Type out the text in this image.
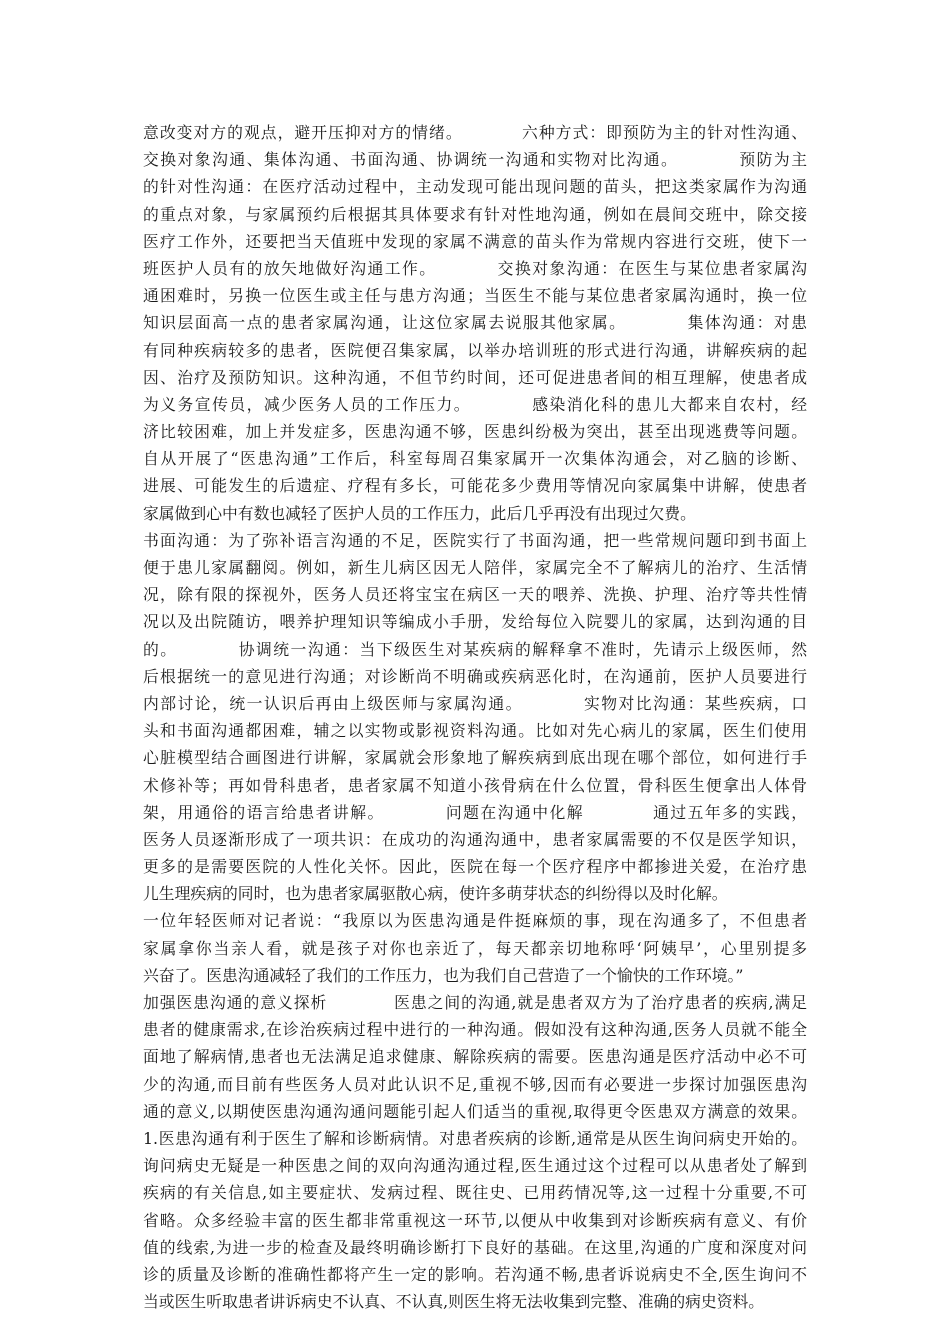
意改变对方的观点，避开压抑对方的情绪。　　　　六种方式：即预防为主的针对性沟通、
交换对象沟通、集体沟通、书面沟通、协调统一沟通和实物对比沟通。　　　　预防为主
的针对性沟通：在医疗活动过程中，主动发现可能出现问题的苗头，把这类家属作为沟通
的重点对象，与家属预约后根据其具体要求有针对性地沟通，例如在晨间交班中，除交接
医疗工作外，还要把当天值班中发现的家属不满意的苗头作为常规内容进行交班，使下一
班医护人员有的放矢地做好沟通工作。　　　　交换对象沟通：在医生与某位患者家属沟
通困难时，另换一位医生或主任与患方沟通；当医生不能与某位患者家属沟通时，换一位
知识层面高一点的患者家属沟通，让这位家属去说服其他家属。　　　　集体沟通：对患
有同种疾病较多的患者，医院便召集家属，以举办培训班的形式进行沟通，讲解疾病的起
因、治疗及预防知识。这种沟通，不但节约时间，还可促进患者间的相互理解，使患者成
为义务宣传员，减少医务人员的工作压力。　　　　感染消化科的患儿大都来自农村，经
济比较困难，加上并发症多，医患沟通不够，医患纠纷极为突出，甚至出现逃费等问题。
自从开展了“医患沟通”工作后，科室每周召集家属开一次集体沟通会，对乙脑的诊断、
进展、可能发生的后遗症、疗程有多长，可能花多少费用等情况向家属集中讲解，使患者
家属做到心中有数也减轻了医护人员的工作压力，此后几乎再没有出现过欠费。
书面沟通：为了弥补语言沟通的不足，医院实行了书面沟通，把一些常规问题印到书面上
便于患儿家属翻阅。例如，新生儿病区因无人陪伴，家属完全不了解病儿的治疗、生活情
况，除有限的探视外，医务人员还将宝宝在病区一天的喂养、洗换、护理、治疗等共性情
况以及出院随访，喂养护理知识等编成小手册，发给每位入院婴儿的家属，达到沟通的目
的。　　　　协调统一沟通：当下级医生对某疾病的解释拿不准时，先请示上级医师，然
后根据统一的意见进行沟通；对诊断尚不明确或疾病恶化时，在沟通前，医护人员要进行
内部讨论，统一认识后再由上级医师与家属沟通。　　　　实物对比沟通：某些疾病，口
头和书面沟通都困难，辅之以实物或影视资料沟通。比如对先心病儿的家属，医生们使用
心脏模型结合画图进行讲解，家属就会形象地了解疾病到底出现在哪个部位，如何进行手
术修补等；再如骨科患者，患者家属不知道小孩骨病在什么位置，骨科医生便拿出人体骨
架，用通俗的语言给患者讲解。　　　　问题在沟通中化解　　　　通过五年多的实践，
医务人员逐渐形成了一项共识：在成功的沟通沟通中，患者家属需要的不仅是医学知识，
更多的是需要医院的人性化关怀。因此，医院在每一个医疗程序中都掺进关爱，在治疗患
儿生理疾病的同时，也为患者家属驱散心病，使许多萌芽状态的纠纷得以及时化解。
一位年轻医师对记者说：“我原以为医患沟通是件挺麻烦的事，现在沟通多了，不但患者
家属拿你当亲人看，就是孩子对你也亲近了，每天都亲切地称呼‘阿姨早’，心里别提多
兴奋了。医患沟通减轻了我们的工作压力，也为我们自己营造了一个愉快的工作环境。”
加强医患沟通的意义探析　　　　医患之间的沟通,就是患者双方为了治疗患者的疾病,满足
患者的健康需求,在诊治疾病过程中进行的一种沟通。假如没有这种沟通,医务人员就不能全
面地了解病情,患者也无法满足追求健康、解除疾病的需要。医患沟通是医疗活动中必不可
少的沟通,而目前有些医务人员对此认识不足,重视不够,因而有必要进一步探讨加强医患沟
通的意义,以期使医患沟通沟通问题能引起人们适当的重视,取得更令医患双方满意的效果。
1.医患沟通有利于医生了解和诊断病情。对患者疾病的诊断,通常是从医生询问病史开始的。
询问病史无疑是一种医患之间的双向沟通沟通过程,医生通过这个过程可以从患者处了解到
疾病的有关信息,如主要症状、发病过程、既往史、已用药情况等,这一过程十分重要,不可
省略。众多经验丰富的医生都非常重视这一环节,以便从中收集到对诊断疾病有意义、有价
值的线索,为进一步的检查及最终明确诊断打下良好的基础。在这里,沟通的广度和深度对问
诊的质量及诊断的准确性都将产生一定的影响。若沟通不畅,患者诉说病史不全,医生询问不
当或医生听取患者讲诉病史不认真、不认真,则医生将无法收集到完整、准确的病史资料。
